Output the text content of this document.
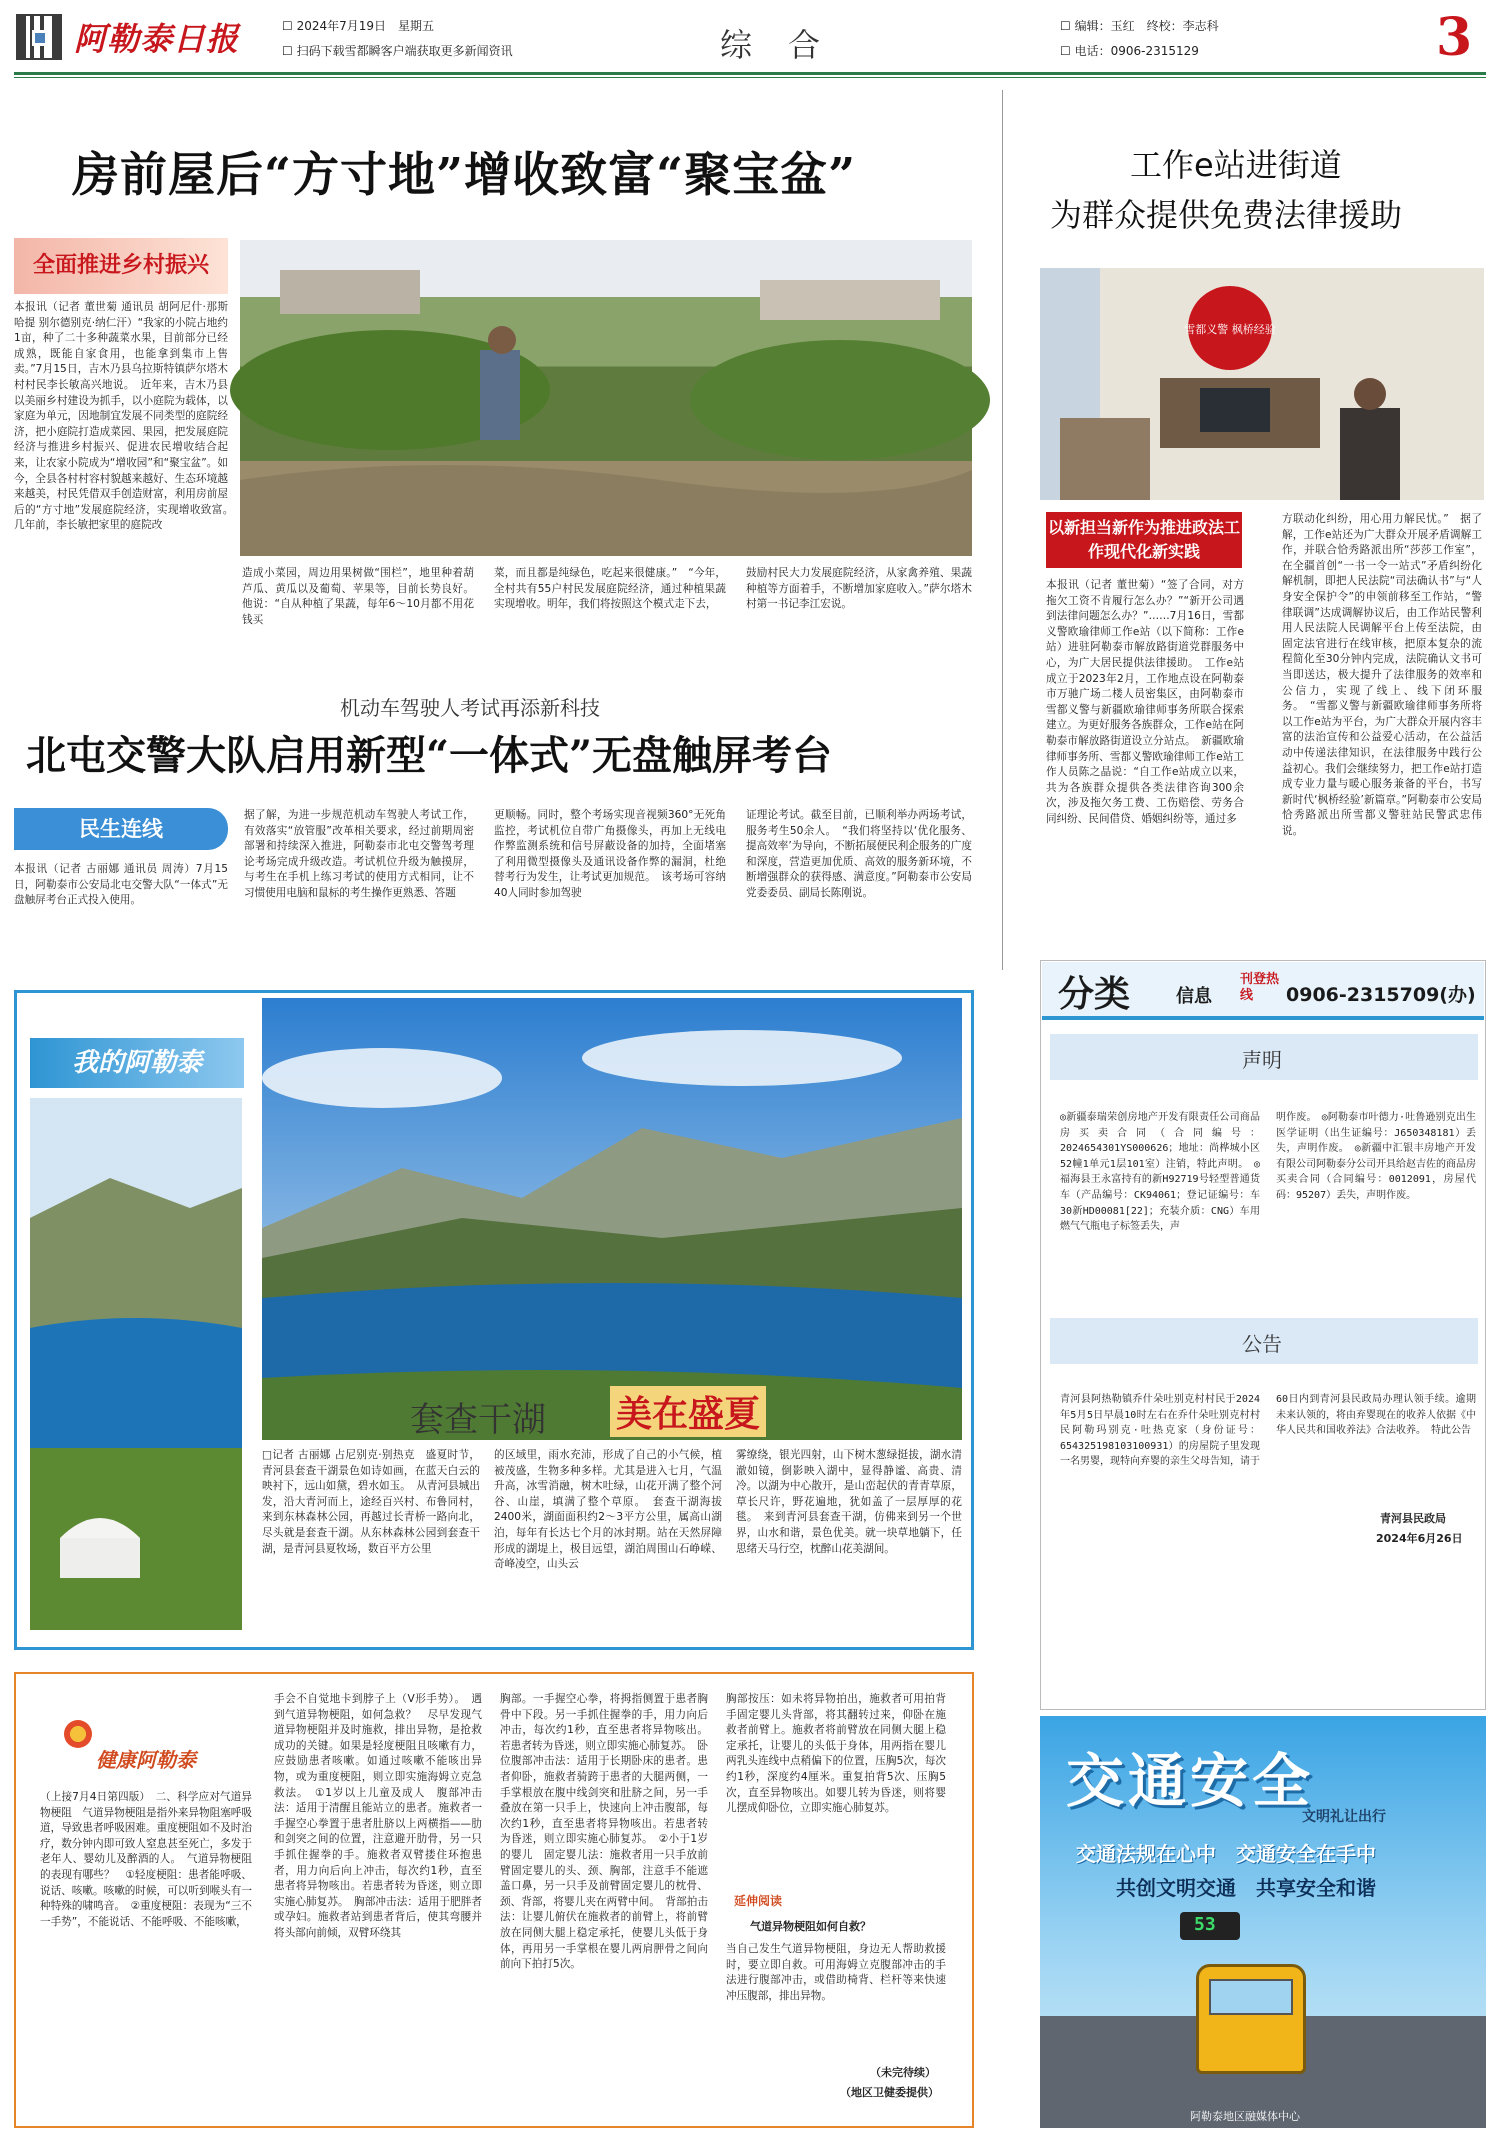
阿勒泰日报	☐ 2024年7月19日　星期五
☐ 扫码下载雪都瞬客户端获取更多新闻资讯	综　合	☐ 编辑：玉红　终校：李志科
☐ 电话：0906-2315129	3
房前屋后“方寸地”增收致富“聚宝盆”
全面推进乡村振兴
本报讯（记者 董世菊 通讯员 胡阿尼什·那斯哈提 别尔德别克·纳仁汗）“我家的小院占地约1亩，种了二十多种蔬菜水果，目前部分已经成熟，既能自家食用，也能拿到集市上售卖。”7月15日，吉木乃县乌拉斯特镇萨尔塔木村村民李长敏高兴地说。　近年来，吉木乃县以美丽乡村建设为抓手，以小庭院为载体，以家庭为单元，因地制宜发展不同类型的庭院经济，把小庭院打造成菜园、果园，把发展庭院经济与推进乡村振兴、促进农民增收结合起来，让农家小院成为“增收园”和“聚宝盆”。如今，全县各村村容村貌越来越好、生态环境越来越美，村民凭借双手创造财富，利用房前屋后的“方寸地”发展庭院经济，实现增收致富。　几年前，李长敏把家里的庭院改
造成小菜园，周边用果树做“围栏”，地里种着葫芦瓜、黄瓜以及葡萄、苹果等，目前长势良好。他说：“自从种植了果蔬，每年6～10月都不用花钱买
菜，而且都是纯绿色，吃起来很健康。”　“今年，全村共有55户村民发展庭院经济，通过种植果蔬实现增收。明年，我们将按照这个模式走下去，
鼓励村民大力发展庭院经济，从家禽养殖、果蔬种植等方面着手，不断增加家庭收入。”萨尔塔木村第一书记李江宏说。
机动车驾驶人考试再添新科技
北屯交警大队启用新型“一体式”无盘触屏考台
民生连线
本报讯（记者 古丽娜 通讯员 周涛）7月15日，阿勒泰市公安局北屯交警大队“一体式”无盘触屏考台正式投入使用。
据了解，为进一步规范机动车驾驶人考试工作，有效落实“放管服”改革相关要求，经过前期周密部署和持续深入推进，阿勒泰市北屯交警驾考理论考场完成升级改造。考试机位升级为触摸屏，与考生在手机上练习考试的使用方式相同，让不习惯使用电脑和鼠标的考生操作更熟悉、答题
更顺畅。同时，整个考场实现音视频360°无死角监控，考试机位自带广角摄像头，再加上无线电作弊监测系统和信号屏蔽设备的加持，全面堵塞了利用微型摄像头及通讯设备作弊的漏洞，杜绝替考行为发生，让考试更加规范。　该考场可容纳40人同时参加驾驶
证理论考试。截至目前，已顺利举办两场考试，服务考生50余人。　“我们将坚持以‘优化服务、提高效率’为导向，不断拓展便民利企服务的广度和深度，营造更加优质、高效的服务新环境，不断增强群众的获得感、满意度。”阿勒泰市公安局党委委员、副局长陈刚说。
工作e站进街道
为群众提供免费法律援助
雪都义警 枫桥经验
以新担当新作为推进政法工作现代化新实践
本报讯（记者 董世菊）“签了合同，对方拖欠工资不肯履行怎么办？”“新开公司遇到法律问题怎么办？”……7月16日，雪都义警欧瑜律师工作e站（以下简称：工作e站）进驻阿勒泰市解放路街道党群服务中心，为广大居民提供法律援助。　工作e站成立于2023年2月，工作地点设在阿勒泰市万驰广场二楼人员密集区，由阿勒泰市雪都义警与新疆欧瑜律师事务所联合探索建立。为更好服务各族群众，工作e站在阿勒泰市解放路街道设立分站点。　新疆欧瑜律师事务所、雪都义警欧瑜律师工作e站工作人员陈之晶说：“自工作e站成立以来，共为各族群众提供各类法律咨询300余次，涉及拖欠务工费、工伤赔偿、劳务合同纠纷、民间借贷、婚姻纠纷等，通过多
方联动化纠纷，用心用力解民忧。”　据了解，工作e站还为广大群众开展矛盾调解工作，并联合恰秀路派出所“莎莎工作室”，在全疆首创“一书一令一站式”矛盾纠纷化解机制，即把人民法院“司法确认书”与“人身安全保护令”的申领前移至工作站，“警律联调”达成调解协议后，由工作站民警利用人民法院人民调解平台上传至法院，由固定法官进行在线审核，把原本复杂的流程简化至30分钟内完成，法院确认文书可当即送达，极大提升了法律服务的效率和公信力，实现了线上、线下闭环服务。　“雪都义警与新疆欧瑜律师事务所将以工作e站为平台，为广大群众开展内容丰富的法治宣传和公益爱心活动，在公益活动中传递法律知识，在法律服务中践行公益初心。我们会继续努力，把工作e站打造成专业力量与暖心服务兼备的平台，书写新时代‘枫桥经验’新篇章。”阿勒泰市公安局恰秀路派出所雪都义警驻站民警武忠伟说。
我的阿勒泰
套查干湖 美在盛夏
□记者 古丽娜 占尼别克·别热克　盛夏时节，青河县套查干湖景色如诗如画，在蓝天白云的映衬下，远山如黛，碧水如玉。　从青河县城出发，沿大青河而上，途经百兴村、布鲁同村，来到东林森林公园，再越过长青桥一路向北，尽头就是套查干湖。从东林森林公园到套查干湖，是青河县夏牧场，数百平方公里
的区域里，雨水充沛，形成了自己的小气候，植被茂盛，生物多种多样。尤其是进入七月，气温升高，冰雪消融，树木吐绿，山花开满了整个河谷、山崖，填满了整个草原。　套查干湖海拔2400米，湖面面积约2～3平方公里，属高山湖泊，每年有长达七个月的冰封期。站在天然屏障形成的湖堤上，极目远望，湖泊周围山石峥嵘、奇峰凌空，山头云
雾缭绕，银光四射，山下树木葱绿挺拔，湖水清澈如镜，倒影映入湖中，显得静谧、高贵、清冷。以湖为中心散开，是山峦起伏的青青草原，草长尺许，野花遍地，犹如盖了一层厚厚的花毯。　来到青河县套查干湖，仿佛来到另一个世界，山水和谐，景色优美。就一块草地躺下，任思绪天马行空，枕醉山花美湖间。
健康阿勒泰
（上接7月4日第四版）　二、科学应对气道异物梗阻　气道异物梗阻是指外来异物阻塞呼吸道，导致患者呼吸困难。重度梗阻如不及时治疗，数分钟内即可致人窒息甚至死亡，多发于老年人、婴幼儿及醉酒的人。　气道异物梗阻的表现有哪些？　①轻度梗阻：患者能呼吸、说话、咳嗽。咳嗽的时候，可以听到喉头有一种特殊的啸鸣音。　②重度梗阻：表现为“三不一手势”，不能说话、不能呼吸、不能咳嗽，
手会不自觉地卡到脖子上（V形手势）。　遇到气道异物梗阻，如何急救？　尽早发现气道异物梗阻并及时施救，排出异物，是抢救成功的关键。如果是轻度梗阻且咳嗽有力，应鼓励患者咳嗽。如通过咳嗽不能咳出异物，或为重度梗阻，则立即实施海姆立克急救法。　①1岁以上儿童及成人　腹部冲击法：适用于清醒且能站立的患者。施救者一手握空心拳置于患者肚脐以上两横指——肋和剑突之间的位置，注意避开肋骨，另一只手抓住握拳的手。施救者双臂搂住环抱患者，用力向后向上冲击，每次约1秒，直至患者将异物咳出。若患者转为昏迷，则立即实施心肺复苏。　胸部冲击法：适用于肥胖者或孕妇。施救者站到患者背后，使其弯腰并将头部向前倾，双臂环绕其
胸部。一手握空心拳，将拇指侧置于患者胸骨中下段。另一手抓住握拳的手，用力向后冲击，每次约1秒，直至患者将异物咳出。若患者转为昏迷，则立即实施心肺复苏。　卧位腹部冲击法：适用于长期卧床的患者。患者仰卧，施救者骑跨于患者的大腿两侧，一手掌根放在腹中线剑突和肚脐之间，另一手叠放在第一只手上，快速向上冲击腹部，每次约1秒，直至患者将异物咳出。若患者转为昏迷，则立即实施心肺复苏。　②小于1岁的婴儿　固定婴儿法：施救者用一只手放前臂固定婴儿的头、颈、胸部，注意手不能遮盖口鼻，另一只手及前臂固定婴儿的枕骨、颈、背部，将婴儿夹在两臂中间。　背部拍击法：让婴儿俯伏在施救者的前臂上，将前臂放在同侧大腿上稳定承托，使婴儿头低于身体，再用另一手掌根在婴儿两肩胛骨之间向前向下拍打5次。
胸部按压：如未将异物拍出，施救者可用拍背手固定婴儿头背部，将其翻转过来，仰卧在施救者前臂上。施救者将前臂放在同侧大腿上稳定承托，让婴儿的头低于身体，用两指在婴儿两乳头连线中点稍偏下的位置，压胸5次，每次约1秒，深度约4厘米。重复拍背5次、压胸5次，直至异物咳出。如婴儿转为昏迷，则将婴儿摆成仰卧位，立即实施心肺复苏。
延伸阅读
气道异物梗阻如何自救？
当自己发生气道异物梗阻，身边无人帮助救援时，要立即自救。可用海姆立克腹部冲击的手法进行腹部冲击，或借助椅背、栏杆等来快速冲压腹部，排出异物。
（未完待续）
（地区卫健委提供）
分类	信息
刊登热线	0906-2315709(办)
声明
◎新疆泰瑞荣创房地产开发有限责任公司商品房买卖合同（合同编号：2024654301YS000626；地址：尚桦城小区52幢1单元1层101室）注销，特此声明。　◎福海县王永富持有的新H92719号轻型普通货车（产品编号：CK94061；登记证编号：车30新HD00081[22]；充装介质：CNG）车用燃气气瓶电子标签丢失，声
明作废。　◎阿勒泰市叶德力·吐鲁逊别克出生医学证明（出生证编号：J650348181）丢失，声明作废。　◎新疆中汇银丰房地产开发有限公司阿勒泰分公司开具给赵吉佐的商品房买卖合同（合同编号：0012091，房屋代码：95207）丢失，声明作废。
公告
青河县阿热勒镇乔什朵吐别克村村民于2024年5月5日早晨10时左右在乔什朵吐别克村村民阿勒玛别克·吐热克家（身份证号：654325198103100931）的房屋院子里发现一名男婴，现特向弃婴的亲生父母告知，请于
60日内到青河县民政局办理认领手续。逾期未来认领的，将由弃婴现在的收养人依据《中华人民共和国收养法》合法收养。　特此公告
青河县民政局
2024年6月26日
交通安全
文明礼让出行
交通法规在心中　交通安全在手中
共创文明交通　共享安全和谐
53
阿勒泰地区融媒体中心
